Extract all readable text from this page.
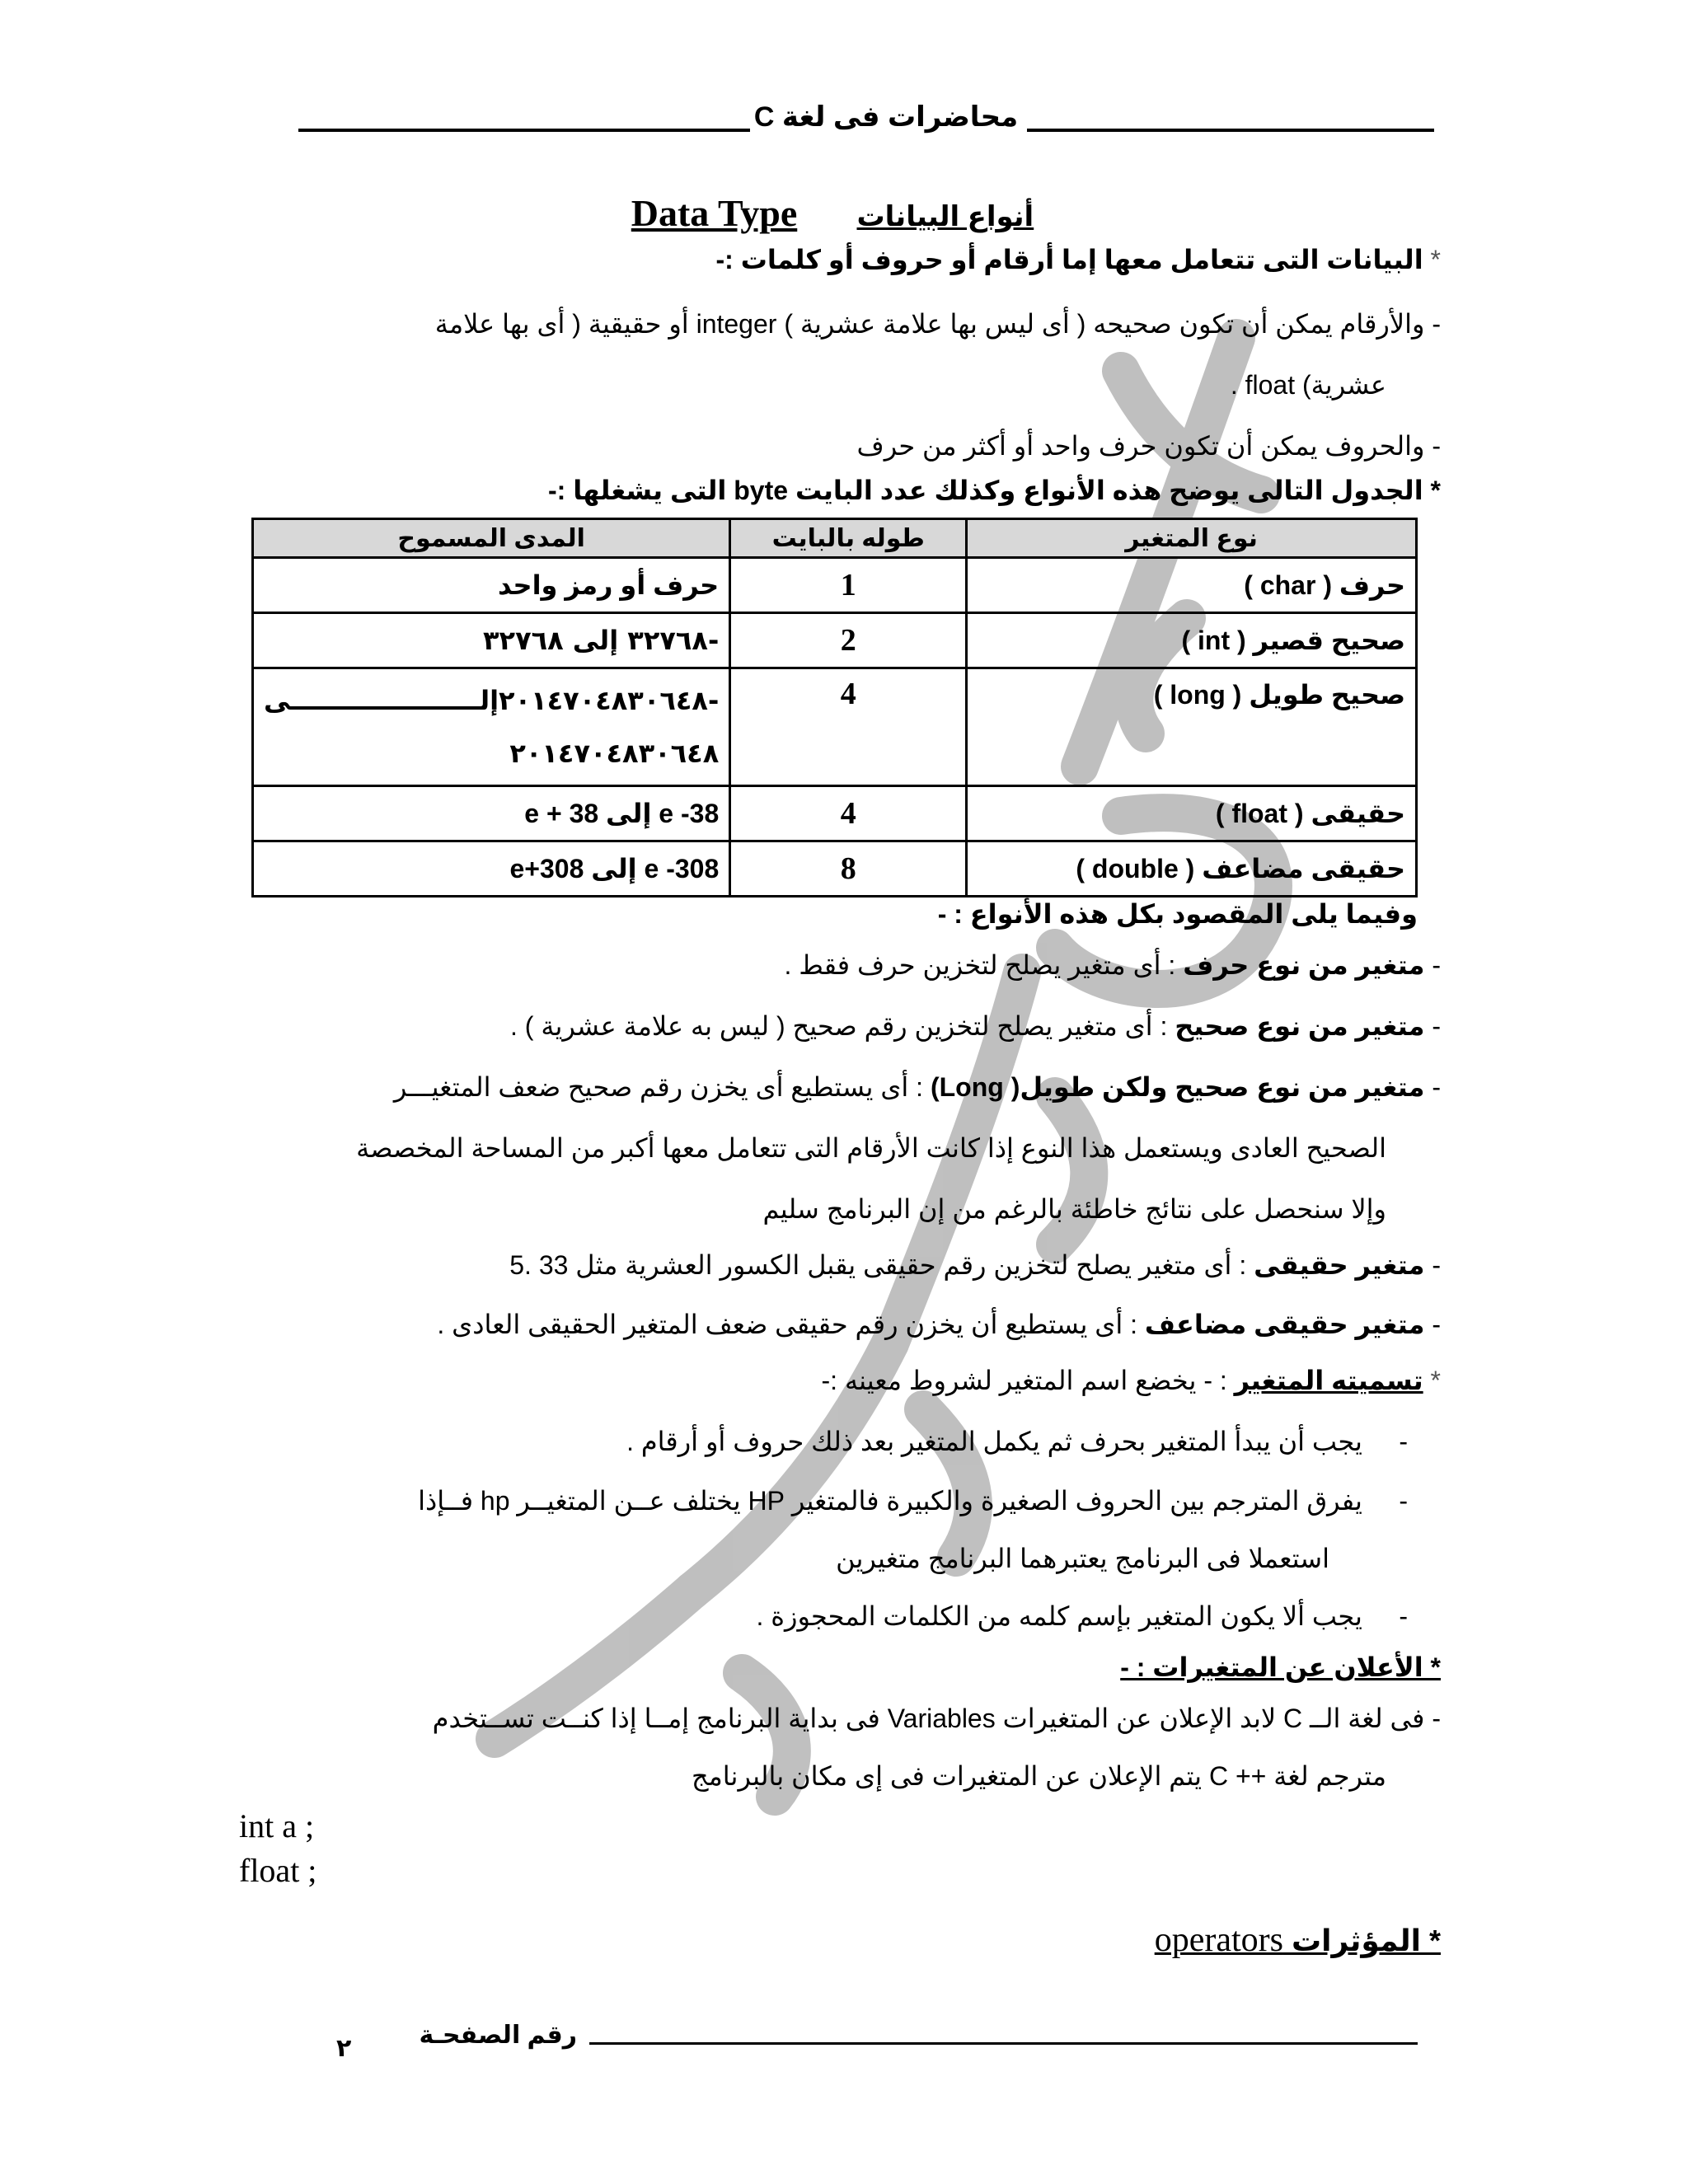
محاضرات فى لغة C
أنواع البيانات  Data Type
* البيانات التى تتعامل معها إما أرقام أو حروف أو كلمات :-
- والأرقام يمكن أن تكون صحيحه ( أى ليس بها علامة عشرية ) integer أو حقيقية ( أى بها علامة
عشرية) float .
- والحروف يمكن أن تكون حرف واحد أو أكثر من حرف
* الجدول التالى يوضح هذه الأنواع وكذلك عدد البايت byte التى يشغلها :-
نوع المتغير	طوله بالبايت	المدى المسموح
حرف ( char )	1	حرف أو رمز واحد
صحيح قصير ( int )	2	-٣٢٧٦٨ إلى ٣٢٧٦٨
صحيح طويل ( long )	4	-٢٠١٤٧٠٤٨٣٠٦٤٨إلـــــــــــــــــــــى
٢٠١٤٧٠٤٨٣٠٦٤٨

حقيقى ( float )	4	e -38 إلى e + 38
حقيقى مضاعف ( double )	8	e -308 إلى e+308
وفيما يلى المقصود بكل هذه الأنواع : -
- متغير من نوع حرف : أى متغير يصلح لتخزين حرف فقط .
- متغير من نوع صحيح : أى متغير يصلح لتخزين رقم صحيح ( ليس به علامة عشرية ) .
- متغير من نوع صحيح ولكن طويل( Long) : أى يستطيع أى يخزن رقم صحيح ضعف المتغيـــر
الصحيح العادى ويستعمل هذا النوع إذا كانت الأرقام التى تتعامل معها أكبر من المساحة المخصصة
وإلا سنحصل على نتائج خاطئة بالرغم من إن البرنامج سليم
- متغير حقيقى : أى متغير يصلح لتخزين رقم حقيقى يقبل الكسور العشرية مثل 33 .5
- متغير حقيقى مضاعف : أى يستطيع أن يخزن رقم حقيقى ضعف المتغير الحقيقى العادى .
* تسميته المتغير : - يخضع اسم المتغير لشروط معينه :-
-     يجب أن يبدأ المتغير بحرف ثم يكمل المتغير بعد ذلك حروف أو أرقام .
-     يفرق المترجم بين الحروف الصغيرة والكبيرة فالمتغير HP يختلف عــن المتغيــر hp فــإذا
استعملا فى البرنامج يعتبرهما البرنامج متغيرين
-     يجب ألا يكون المتغير بإسم كلمه من الكلمات المحجوزة .
* الأعلان عن المتغيرات : -
- فى لغة الــ C لابد الإعلان عن المتغيرات Variables فى بداية البرنامج إمــا إذا كنــت تســتخدم
مترجم لغة ++ C يتم الإعلان عن المتغيرات فى إى مكان بالبرنامج
int a ;
float ;
* المؤثرات operators
رقم الصفحـة
٢
